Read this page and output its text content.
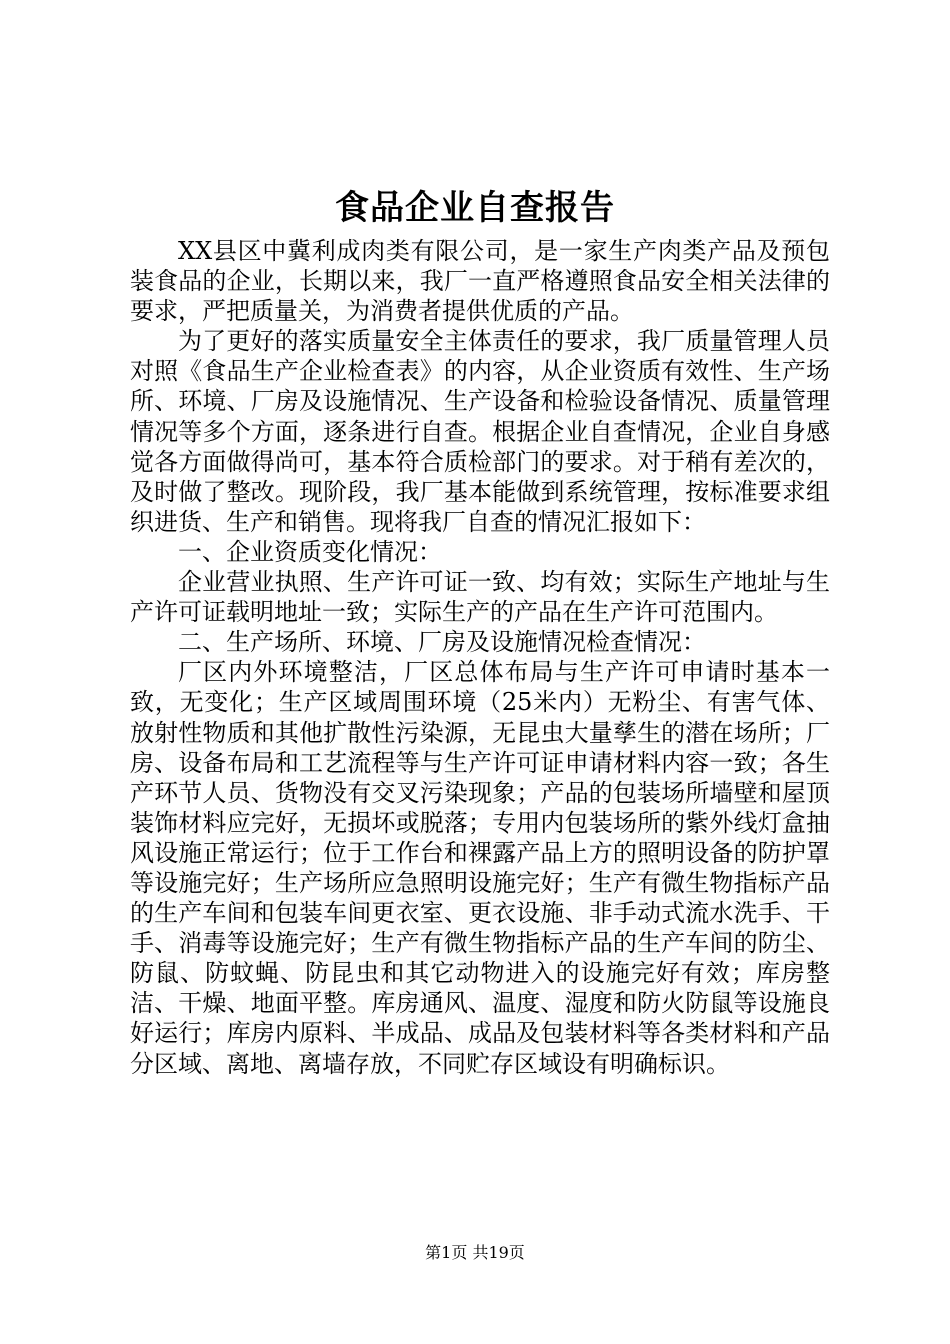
食品企业自查报告

XX县区中冀利成肉类有限公司，是一家生产肉类产品及预包装食品的企业，长期以来，我厂一直严格遵照食品安全相关法律的要求，严把质量关，为消费者提供优质的产品。

为了更好的落实质量安全主体责任的要求，我厂质量管理人员对照《食品生产企业检查表》的内容，从企业资质有效性、生产场所、环境、厂房及设施情况、生产设备和检验设备情况、质量管理情况等多个方面，逐条进行自查。根据企业自查情况，企业自身感觉各方面做得尚可，基本符合质检部门的要求。对于稍有差次的，及时做了整改。现阶段，我厂基本能做到系统管理，按标准要求组织进货、生产和销售。现将我厂自查的情况汇报如下：

一、企业资质变化情况：

企业营业执照、生产许可证一致、均有效；实际生产地址与生产许可证载明地址一致；实际生产的产品在生产许可范围内。

二、生产场所、环境、厂房及设施情况检查情况：

厂区内外环境整洁，厂区总体布局与生产许可申请时基本一致，无变化；生产区域周围环境（25米内）无粉尘、有害气体、放射性物质和其他扩散性污染源，无昆虫大量孳生的潜在场所；厂房、设备布局和工艺流程等与生产许可证申请材料内容一致；各生产环节人员、货物没有交叉污染现象；产品的包装场所墙壁和屋顶装饰材料应完好，无损坏或脱落；专用内包装场所的紫外线灯盒抽风设施正常运行；位于工作台和裸露产品上方的照明设备的防护罩等设施完好；生产场所应急照明设施完好；生产有微生物指标产品的生产车间和包装车间更衣室、更衣设施、非手动式流水洗手、干手、消毒等设施完好；生产有微生物指标产品的生产车间的防尘、防鼠、防蚊蝇、防昆虫和其它动物进入的设施完好有效；库房整洁、干燥、地面平整。库房通风、温度、湿度和防火防鼠等设施良好运行；库房内原料、半成品、成品及包装材料等各类材料和产品分区域、离地、离墙存放，不同贮存区域设有明确标识。

第1页 共19页
